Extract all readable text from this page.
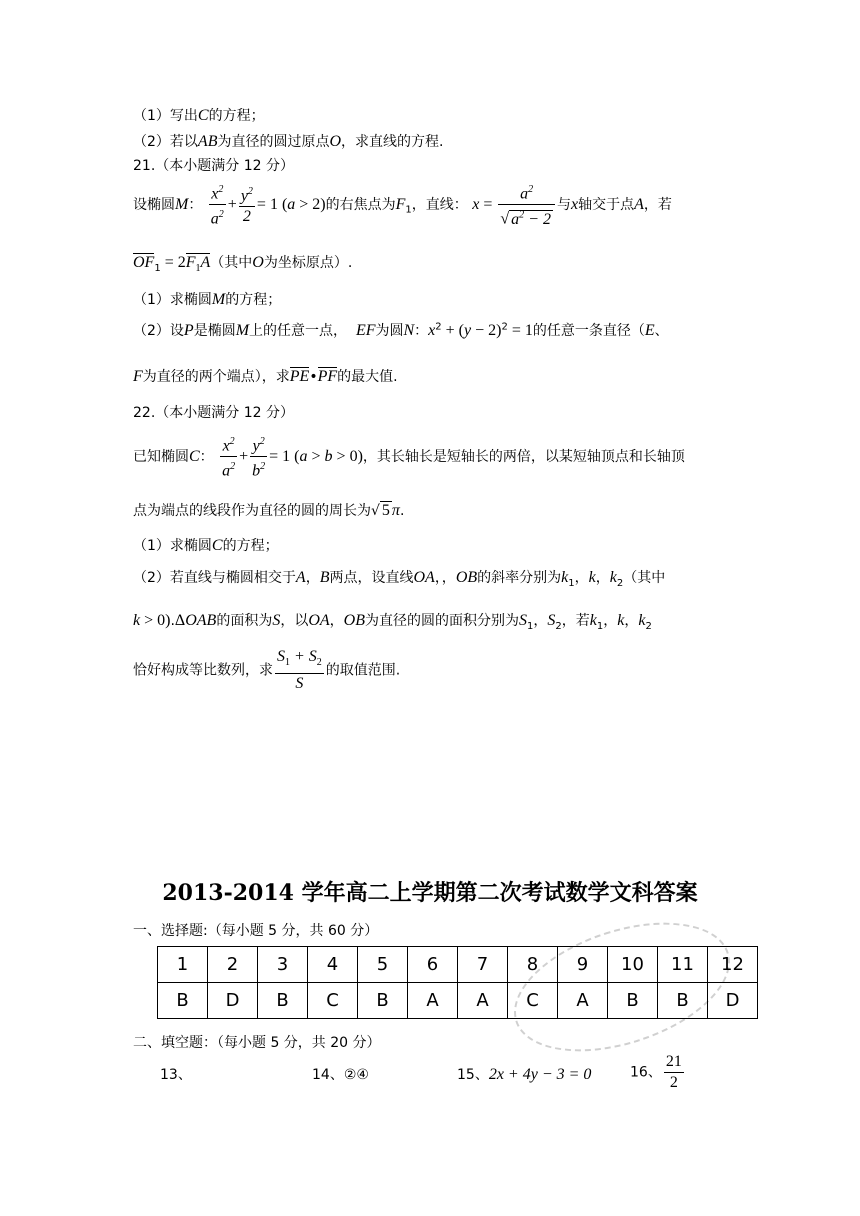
（1）写出C的方程；
（2）若以AB为直径的圆过原点O，求直线的方程.
21.（本小题满分 12 分）
设椭圆M： $\frac{x^2}{a^2} + \frac{y^2}{2} = 1$ (a > 2)的右焦点为$F_1$，直线： $x = \frac{a^2}{√ a^2 - 2}$ 与x轴交于点A，若
$OF_1 = 2F_1A$（其中O为坐标原点）.
（1）求椭圆M的方程；
（2）设P是椭圆M上的任意一点， EF为圆N：$x^2 + (y - 2)^2 = 1$的任意一条直径（E、
F为直径的两个端点），求PE•PF的最大值.
22.（本小题满分 12 分）
已知椭圆C： $\frac{x^2}{a^2} + \frac{y^2}{b^2} = 1$ (a > b > 0)，其长轴长是短轴长的两倍，以某短轴顶点和长轴顶
点为端点的线段作为直径的圆的周长为√ 5 π.
（1）求椭圆C的方程；
（2）若直线与椭圆相交于A，B两点，设直线OA，，OB的斜率分别为$k_1$，k，$k_2$（其中
k > 0).ΔOAB的面积为S，以OA，OB为直径的圆的面积分别为$S_1$，$S_2$，若$k_1$，k，$k_2$
恰好构成等比数列，求 $\frac{S_1 + S_2}{S}$ 的取值范围.
2013-2014 学年高二上学期第二次考试数学文科答案
一、选择题:（每小题 5 分，共 60 分）
1	2	3	4	5	6	7	8	9	10	11	12
B	D	B	C	B	A	A	C	A	B	B	D
二、填空题：（每小题 5 分，共 20 分）
13、	14、②④	15、2x + 4y − 3 = 0	16、 $\frac{21}{2}$
